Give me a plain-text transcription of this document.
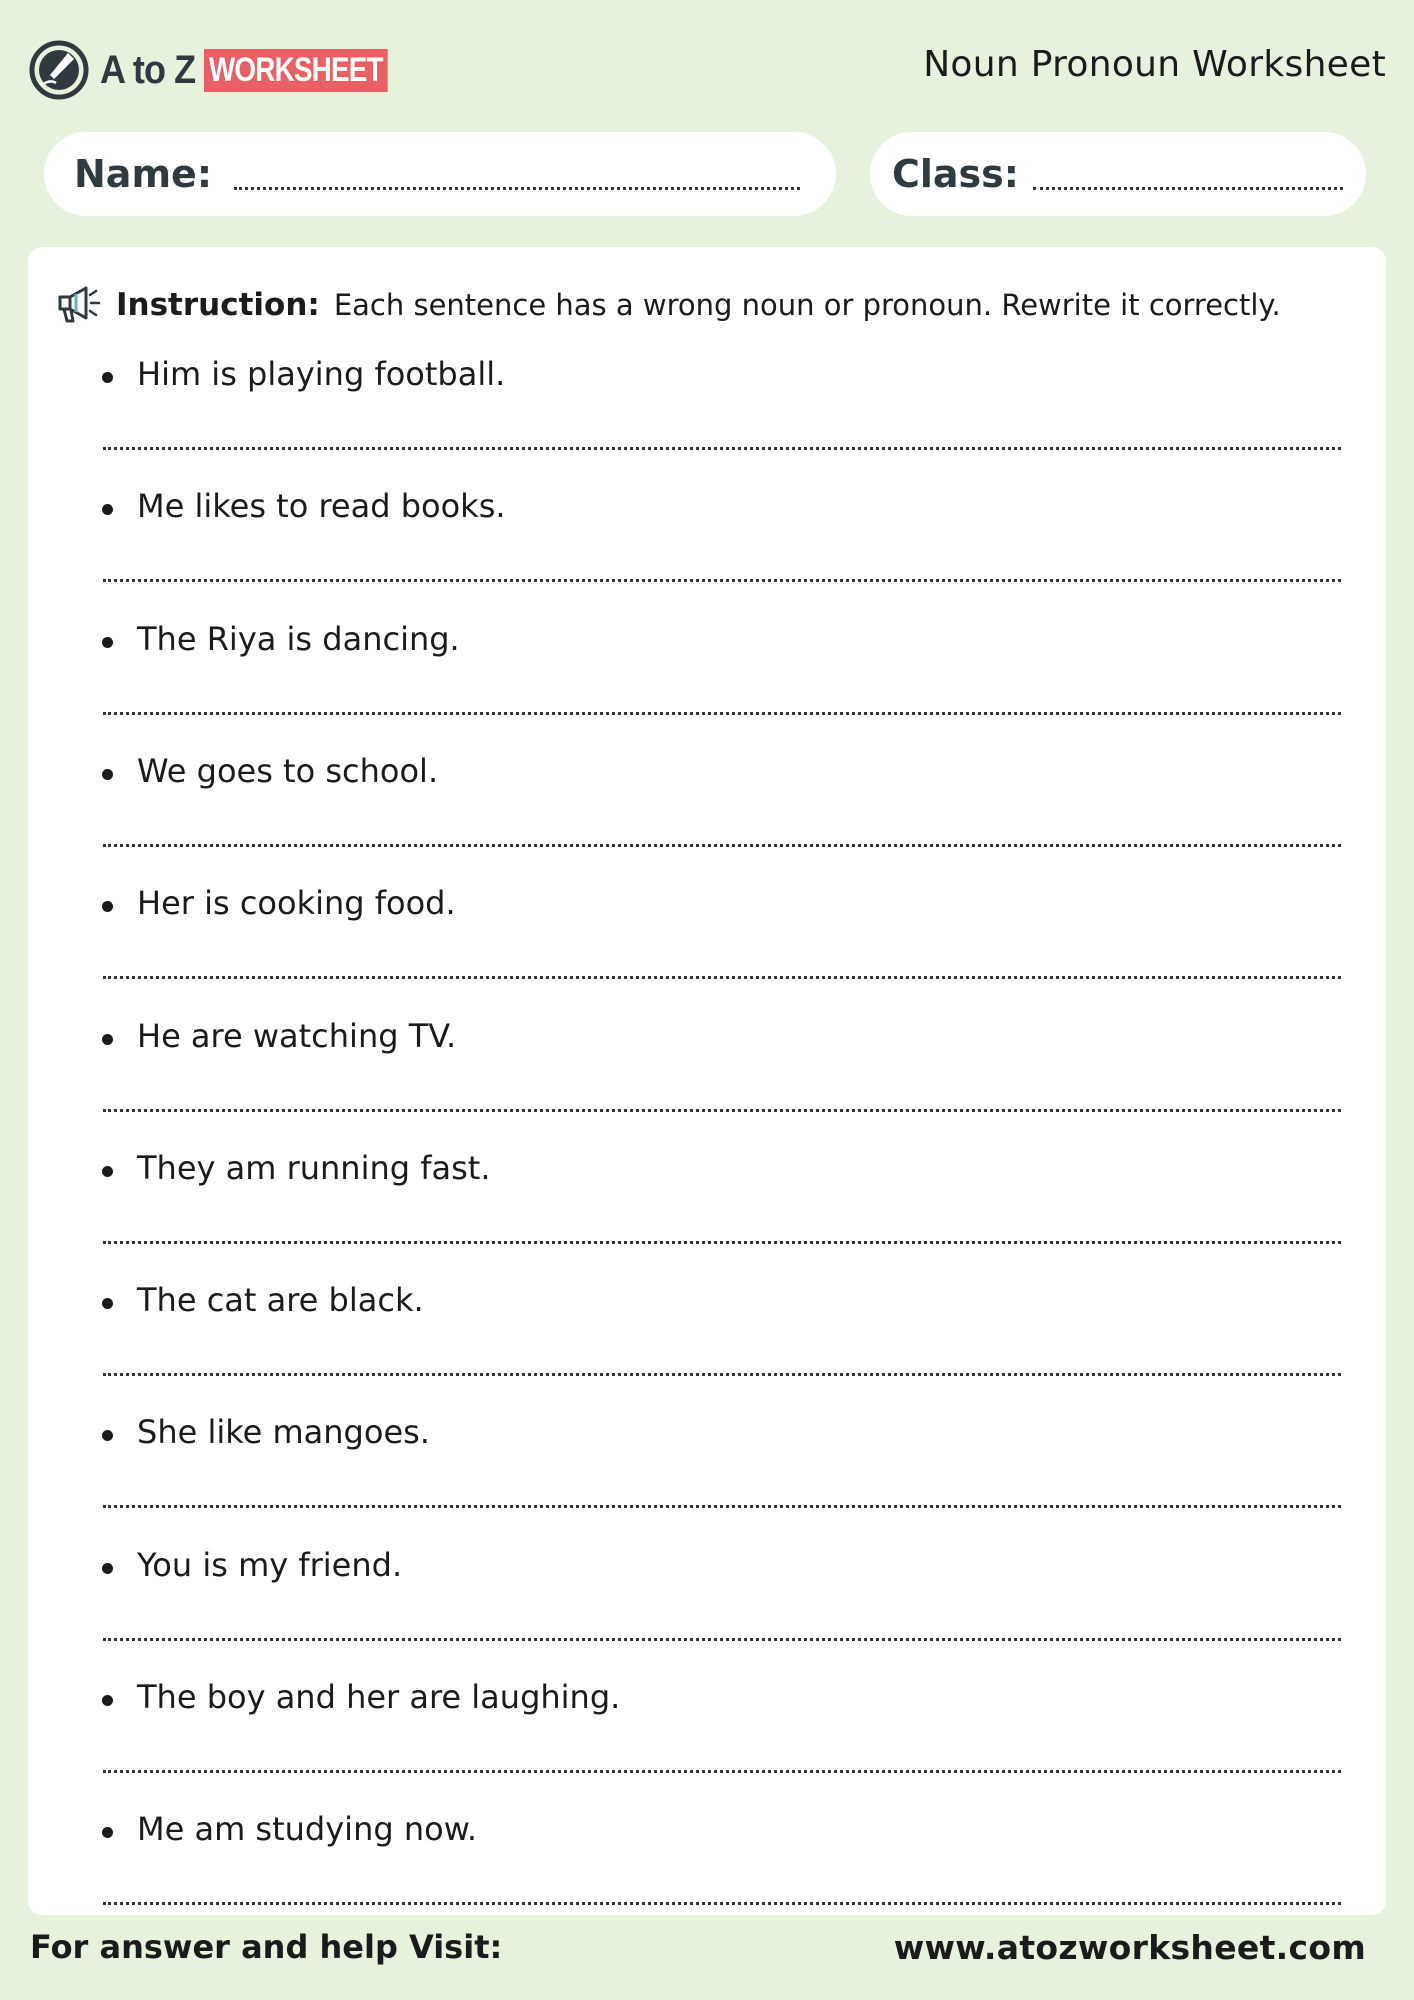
A to Z WORKSHEET	Noun Pronoun Worksheet
Name:	Class:
Instruction: Each sentence has a wrong noun or pronoun. Rewrite it correctly.
Him is playing football.
Me likes to read books.
The Riya is dancing.
We goes to school.
Her is cooking food.
He are watching TV.
They am running fast.
The cat are black.
She like mangoes.
You is my friend.
The boy and her are laughing.
Me am studying now.
For answer and help Visit:	www.atozworksheet.com
